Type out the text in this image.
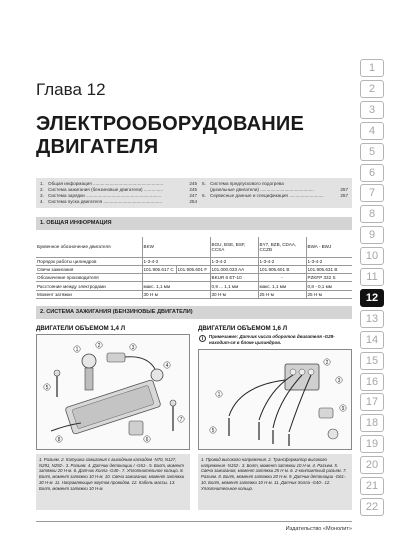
Глава 12
ЭЛЕКТРООБОРУДОВАНИЕ
ДВИГАТЕЛЯ
1. Общая информация .......................................................	245
2. Система зажигания (бензиновые двигатели) ...............	245
3. Система зарядки ...........................................................	247
4. Система пуска двигателя ..............................................	254
5. Система предпускового подогрева
(дизельные двигатели) ..........................................	257
6. Сервисные данные и спецификация ...........................	257
1. ОБЩАЯ ИНФОРМАЦИЯ
Буквенное обозначение двигателя	BKW		BGU, BSE, BSF, CCSA	BY7, BZB, CDAA, CCZB	BWA - BWJ
Порядок работы цилиндров	1-3-4-2		1-3-4-2	1-3-4-2	1-3-4-2
Свечи зажигания	101.905.617 С	101.905.601 F	101.000.033 AA	101.905.601 B	101.905.631 B
Обозначение производителя			BKUR 6 ET-10	-	PZKFP 332 S
Расстояние между электродами	макс. 1,1 мм		0,9 ... 1,1 мм	макс. 1,1 мм	0,8 - 0,1 мм
Момент затяжки	30 Н·м		30 Н·м	25 Н·м	25 Н·м
2. СИСТЕМА ЗАЖИГАНИЯ (БЕНЗИНОВЫЕ ДВИГАТЕЛИ)
ДВИГАТЕЛИ ОБЪЕМОМ 1,4 Л	ДВИГАТЕЛИ ОБЪЕМОМ 1,6 Л
1
2	3
4
5
6
7
8
i	Примечание: Датчик числа оборотов двигателя -G28- находит-ся в блоке цилиндров.
1
2
3
5
9
1. Разъем. 2. Катушка зажигания с выходным каскадом -N70, N127, N291, N292-. 3. Разъем. 4. Датчик детонации I -G61-. 5. Болт, момент затяжки 20 Н·м. 6. Датчик Холла -G40-. 7. Уплотнительное кольцо. 8. Болт, момент затяжки 10 Н·м. 10. Свеча зажигания, момент затяжки 30 Н·м. 11. Направляющие жгутов проводов. 12. Кабель массы. 13. Болт, момент затяжки 10 Н·м.
1. Провод высокого напряжения. 2. Трансформатор высокого напряжения -N152-. 3. Болт, момент затяжки 10 Н·м. 4. Разъем. 5. Свеча зажигания, момент затяжки 25 Н·м. 6. 2-контактный разъем. 7. Разъем. 8. Болт, момент затяжки 20 Н·м. 9. Датчик детонации -G61-. 10. Болт, момент затяжки 10 Н·м. 11. Датчик Холла -G40-. 12. Уплотнительное кольцо.
Издательство «Монолит»
1
2
3
4
5
6
7
8
9
10
11
12
13
14
15
16
17
18
19
20
21
22
